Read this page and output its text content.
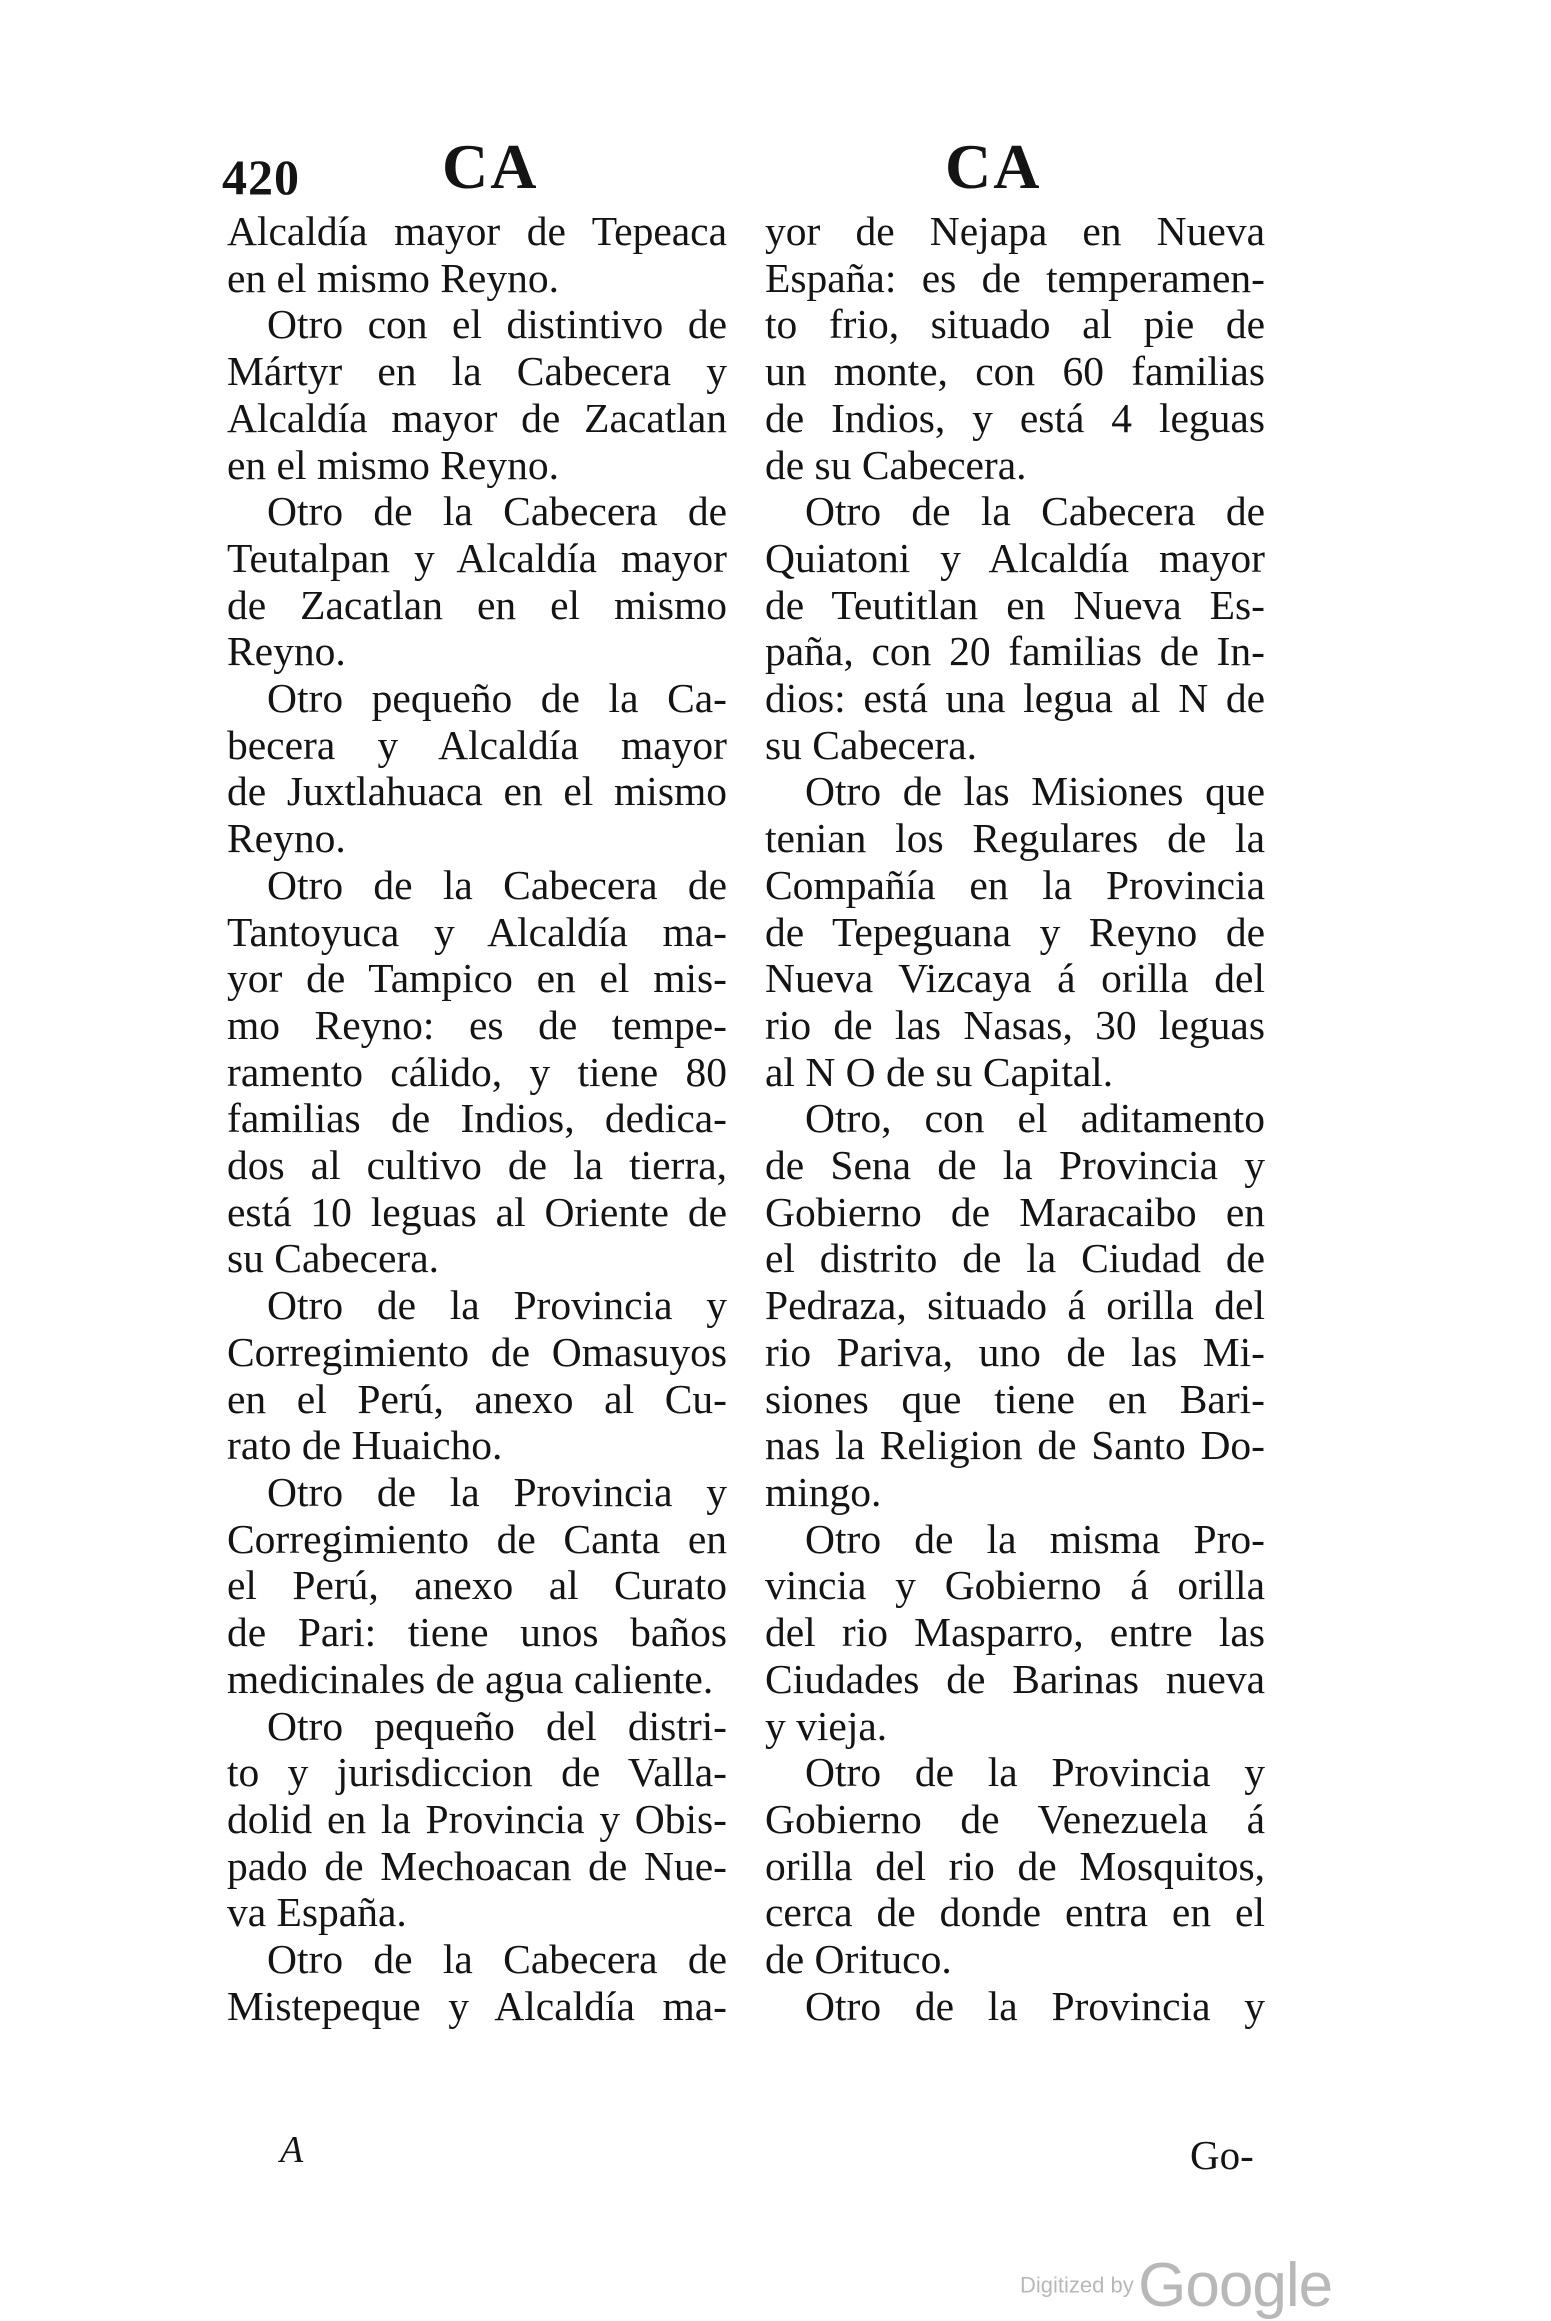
420 CA	CA
Alcaldía mayor de Tepeaca
en el mismo Reyno.
Otro con el distintivo de
Mártyr en la Cabecera y
Alcaldía mayor de Zacatlan
en el mismo Reyno.
Otro de la Cabecera de
Teutalpan y Alcaldía mayor
de Zacatlan en el mismo
Reyno.
Otro pequeño de la Ca-
becera y Alcaldía mayor
de Juxtlahuaca en el mismo
Reyno.
Otro de la Cabecera de
Tantoyuca y Alcaldía ma-
yor de Tampico en el mis-
mo Reyno: es de tempe-
ramento cálido, y tiene 80
familias de Indios, dedica-
dos al cultivo de la tierra,
está 10 leguas al Oriente de
su Cabecera.
Otro de la Provincia y
Corregimiento de Omasuyos
en el Perú, anexo al Cu-
rato de Huaicho.
Otro de la Provincia y
Corregimiento de Canta en
el Perú, anexo al Curato
de Pari: tiene unos baños
medicinales de agua caliente.
Otro pequeño del distri-
to y jurisdiccion de Valla-
dolid en la Provincia y Obis-
pado de Mechoacan de Nue-
va España.
Otro de la Cabecera de
Mistepeque y Alcaldía ma-
yor de Nejapa en Nueva
España: es de temperamen-
to frio, situado al pie de
un monte, con 60 familias
de Indios, y está 4 leguas
de su Cabecera.
Otro de la Cabecera de
Quiatoni y Alcaldía mayor
de Teutitlan en Nueva Es-
paña, con 20 familias de In-
dios: está una legua al N de
su Cabecera.
Otro de las Misiones que
tenian los Regulares de la
Compañía en la Provincia
de Tepeguana y Reyno de
Nueva Vizcaya á orilla del
rio de las Nasas, 30 leguas
al N O de su Capital.
Otro, con el aditamento
de Sena de la Provincia y
Gobierno de Maracaibo en
el distrito de la Ciudad de
Pedraza, situado á orilla del
rio Pariva, uno de las Mi-
siones que tiene en Bari-
nas la Religion de Santo Do-
mingo.
Otro de la misma Pro-
vincia y Gobierno á orilla
del rio Masparro, entre las
Ciudades de Barinas nueva
y vieja.
Otro de la Provincia y
Gobierno de Venezuela á
orilla del rio de Mosquitos,
cerca de donde entra en el
de Orituco.
Otro de la Provincia y
A	Go-
Digitized by Google
